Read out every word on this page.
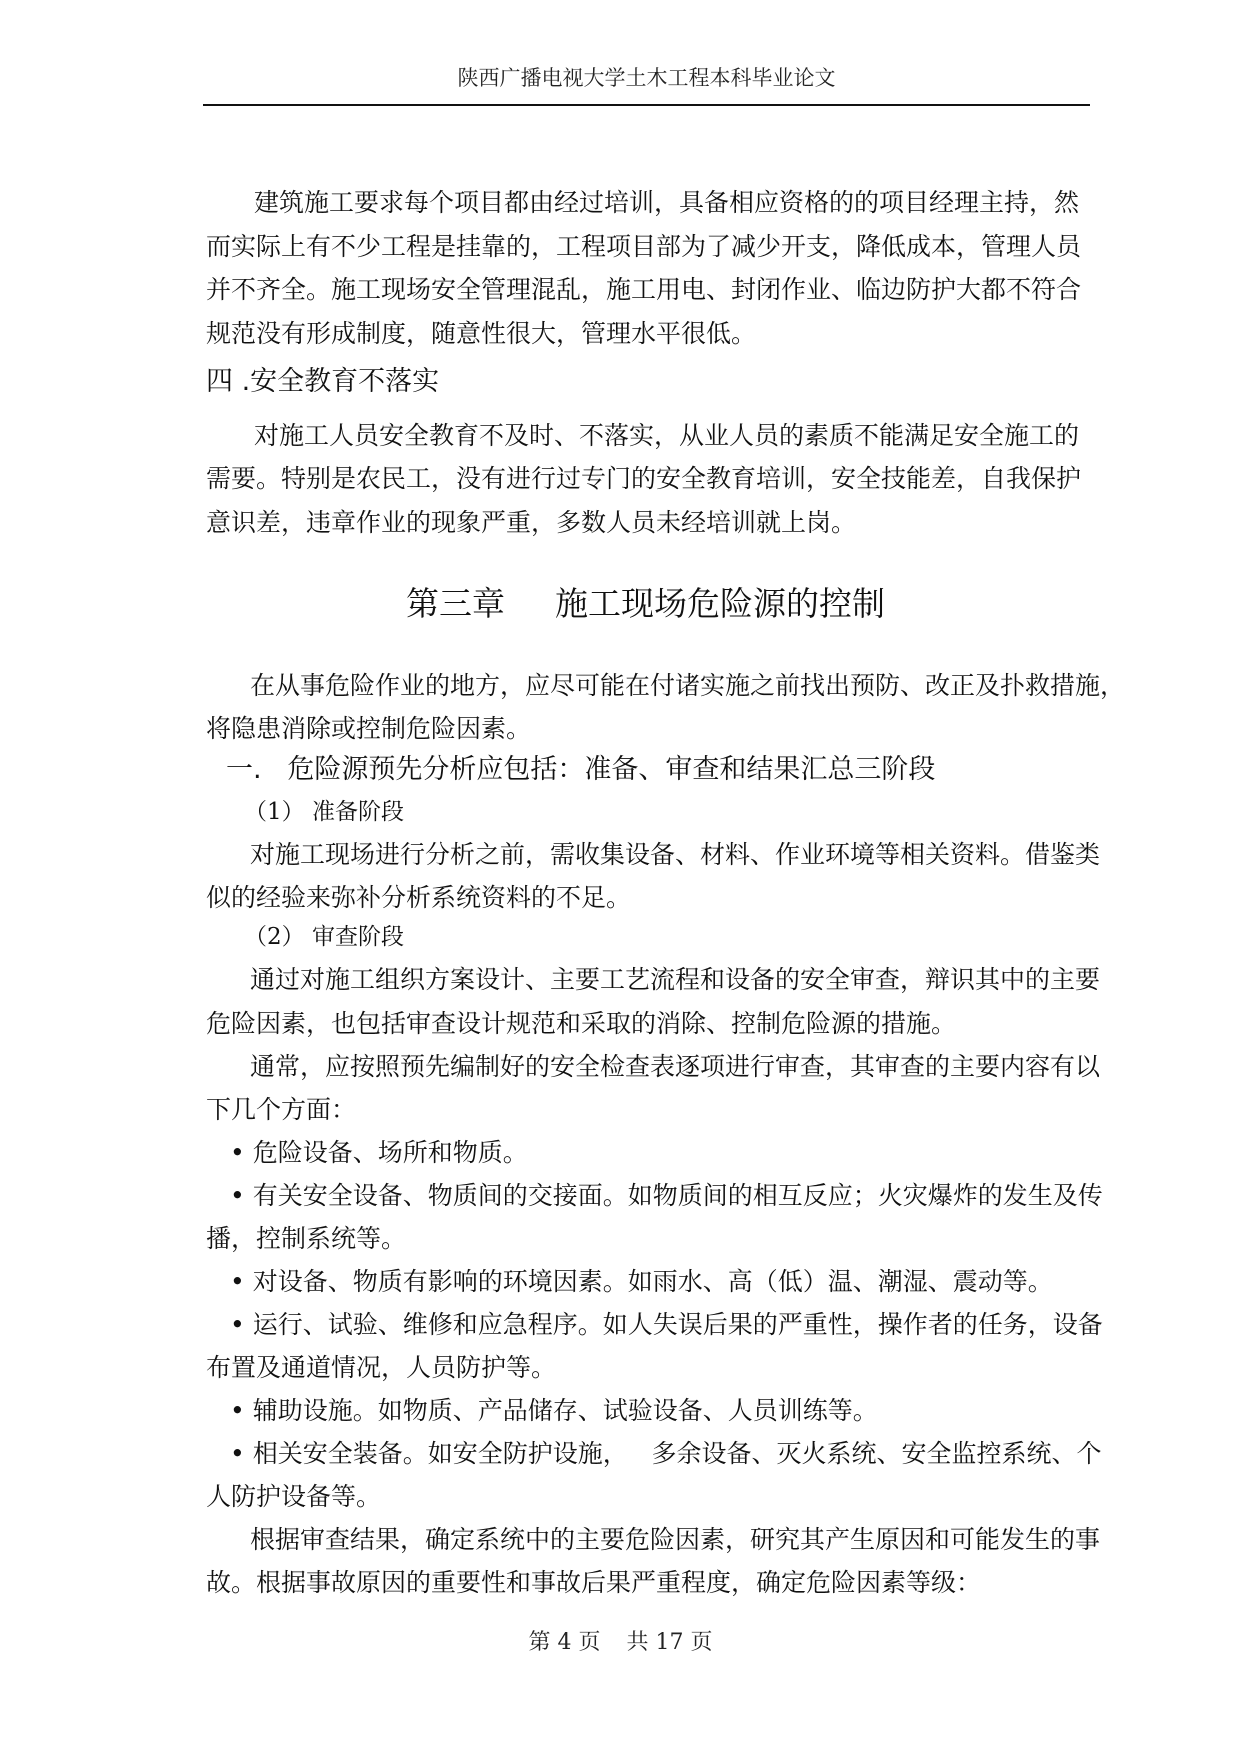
陕西广播电视大学土木工程本科毕业论文
建筑施工要求每个项目都由经过培训，具备相应资格的的项目经理主持，然
而实际上有不少工程是挂靠的，工程项目部为了减少开支，降低成本，管理人员
并不齐全。施工现场安全管理混乱，施工用电、封闭作业、临边防护大都不符合
规范没有形成制度，随意性很大，管理水平很低。
四 .安全教育不落实
对施工人员安全教育不及时、不落实，从业人员的素质不能满足安全施工的
需要。特别是农民工，没有进行过专门的安全教育培训，安全技能差，自我保护
意识差，违章作业的现象严重，多数人员未经培训就上岗。
第三章 施工现场危险源的控制
在从事危险作业的地方，应尽可能在付诸实施之前找出预防、改正及扑救措施，
将隐患消除或控制危险因素。
一.   危险源预先分析应包括：准备、审查和结果汇总三阶段
（1） 准备阶段
对施工现场进行分析之前，需收集设备、材料、作业环境等相关资料。借鉴类
似的经验来弥补分析系统资料的不足。
（2） 审查阶段
通过对施工组织方案设计、主要工艺流程和设备的安全审查，辩识其中的主要
危险因素，也包括审查设计规范和采取的消除、控制危险源的措施。
通常，应按照预先编制好的安全检查表逐项进行审查，其审查的主要内容有以
下几个方面：
• 危险设备、场所和物质。
• 有关安全设备、物质间的交接面。如物质间的相互反应；火灾爆炸的发生及传
播，控制系统等。
• 对设备、物质有影响的环境因素。如雨水、高（低）温、潮湿、震动等。
• 运行、试验、维修和应急程序。如人失误后果的严重性，操作者的任务，设备
布置及通道情况，人员防护等。
• 辅助设施。如物质、产品储存、试验设备、人员训练等。
• 相关安全装备。如安全防护设施，   多余设备、灭火系统、安全监控系统、个
人防护设备等。
根据审查结果，确定系统中的主要危险因素，研究其产生原因和可能发生的事
故。根据事故原因的重要性和事故后果严重程度，确定危险因素等级：
第 4 页 共 17 页
